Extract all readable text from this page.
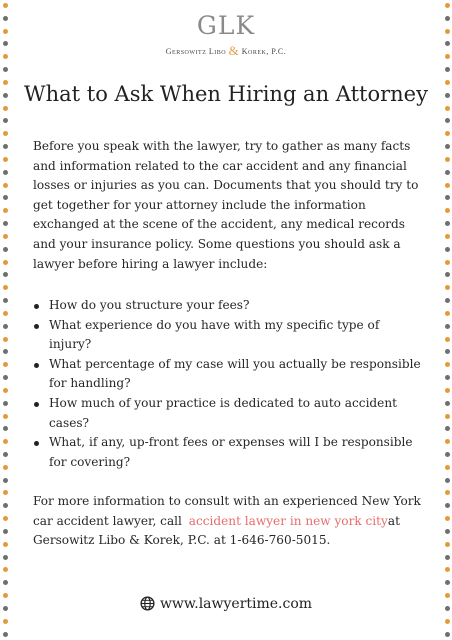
GLK
Gersowitz Libo & Korek, P.C.
What to Ask When Hiring an Attorney

Before you speak with the lawyer, try to gather as many facts and information related to the car accident and any financial losses or injuries as you can. Documents that you should try to get together for your attorney include the information exchanged at the scene of the accident, any medical records and your insurance policy. Some questions you should ask a lawyer before hiring a lawyer include:

How do you structure your fees?
What experience do you have with my specific type of injury?
What percentage of my case will you actually be responsible for handling?
How much of your practice is dedicated to auto accident cases?
What, if any, up-front fees or expenses will I be responsible for covering?

For more information to consult with an experienced New York car accident lawyer, call accident lawyer in new york cityat Gersowitz Libo & Korek, P.C. at 1-646-760-5015.

www.lawyertime.com
